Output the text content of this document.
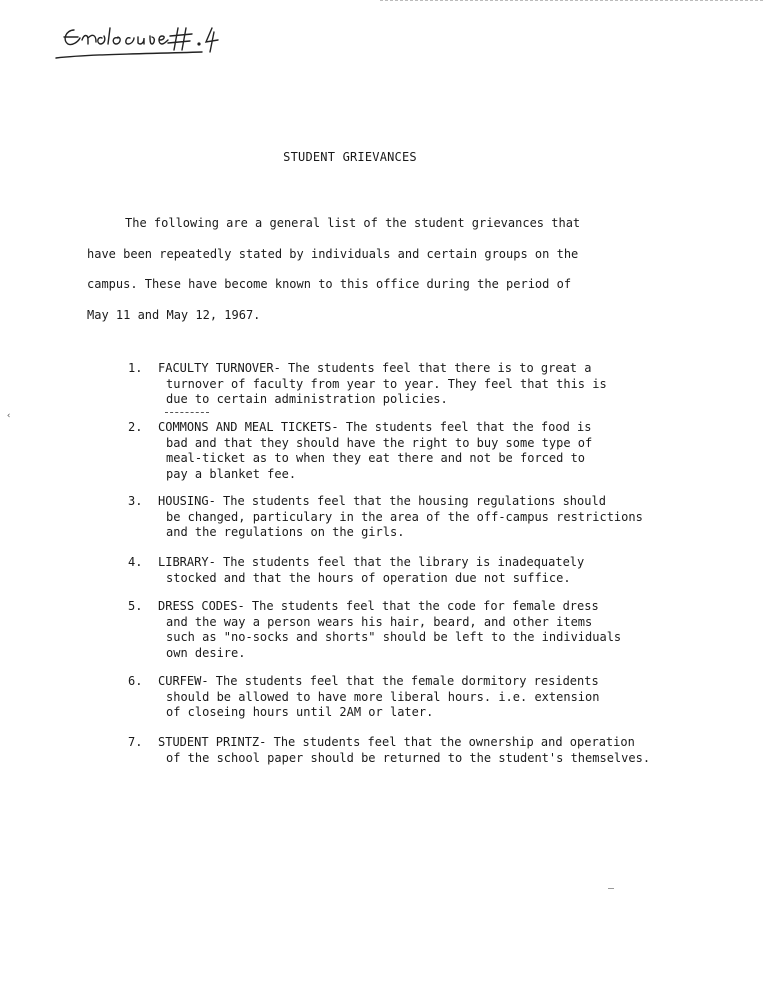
STUDENT GRIEVANCES
The following are a general list of the student grievances that
have been repeatedly stated by individuals and certain groups on the
campus. These have become known to this office during the period of
May 11 and May 12, 1967.
‹
1.	FACULTY TURNOVER- The students feel that there is to great a
turnover of faculty from year to year. They feel that this is
due to certain administration policies.
2.	COMMONS AND MEAL TICKETS- The students feel that the food is
bad and that they should have the right to buy some type of
meal-ticket as to when they eat there and not be forced to
pay a blanket fee.
3.	HOUSING- The students feel that the housing regulations should
be changed, particulary in the area of the off-campus restrictions
and the regulations on the girls.
4.	LIBRARY- The students feel that the library is inadequately
stocked and that the hours of operation due not suffice.
5.	DRESS CODES- The students feel that the code for female dress
and the way a person wears his hair, beard, and other items
such as "no-socks and shorts" should be left to the individuals
own desire.
6.	CURFEW- The students feel that the female dormitory residents
should be allowed to have more liberal hours. i.e. extension
of closeing hours until 2AM or later.
7.	STUDENT PRINTZ- The students feel that the ownership and operation
of the school paper should be returned to the student's themselves.
